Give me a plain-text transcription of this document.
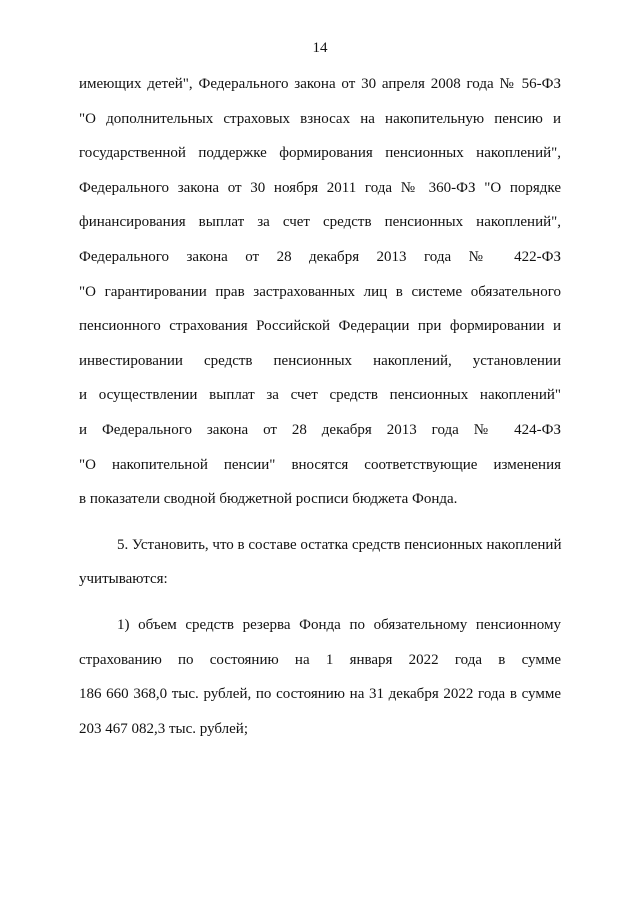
14
имеющих детей", Федерального закона от 30 апреля 2008 года № 56-ФЗ
"О дополнительных страховых взносах на накопительную пенсию и
государственной поддержке формирования пенсионных накоплений",
Федерального закона от 30 ноября 2011 года № 360-ФЗ "О порядке
финансирования выплат за счет средств пенсионных накоплений",
Федерального закона от 28 декабря 2013 года № 422-ФЗ
"О гарантировании прав застрахованных лиц в системе обязательного
пенсионного страхования Российской Федерации при формировании и
инвестировании средств пенсионных накоплений, установлении
и осуществлении выплат за счет средств пенсионных накоплений"
и Федерального закона от 28 декабря 2013 года № 424-ФЗ
"О накопительной пенсии" вносятся соответствующие изменения
в показатели сводной бюджетной росписи бюджета Фонда.
5. Установить, что в составе остатка средств пенсионных накоплений
учитываются:
1) объем средств резерва Фонда по обязательному пенсионному
страхованию по состоянию на 1 января 2022 года в сумме
186 660 368,0 тыс. рублей, по состоянию на 31 декабря 2022 года в сумме
203 467 082,3 тыс. рублей;
